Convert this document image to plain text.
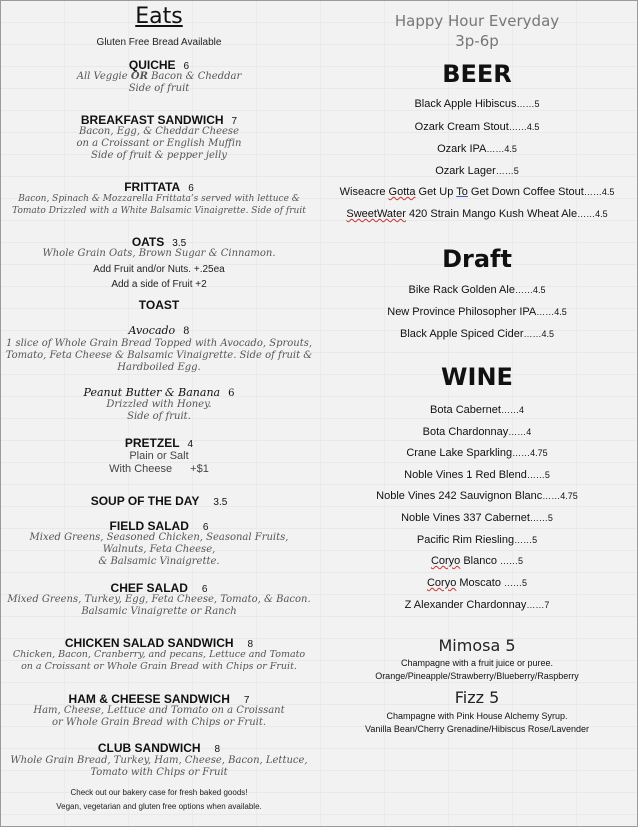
Eats
Gluten Free Bread Available
QUICHE 6
All Veggie OR Bacon & Cheddar
Side of fruit
BREAKFAST SANDWICH 7
Bacon, Egg, & Cheddar Cheese
on a Croissant or English Muffin
Side of fruit & pepper jelly
FRITTATA 6
Bacon, Spinach & Mozzarella Frittata’s served with lettuce &
Tomato Drizzled with a White Balsamic Vinaigrette. Side of fruit
OATS 3.5
Whole Grain Oats, Brown Sugar & Cinnamon.
Add Fruit and/or Nuts. +.25ea
Add a side of Fruit +2
TOAST
Avocado 8
1 slice of Whole Grain Bread Topped with Avocado, Sprouts,
Tomato, Feta Cheese & Balsamic Vinaigrette. Side of fruit &
Hardboiled Egg.
Peanut Butter & Banana 6
Drizzled with Honey.
Side of fruit.
PRETZEL 4
Plain or Salt
With Cheese +$1
SOUP OF THE DAY 3.5
FIELD SALAD 6
Mixed Greens, Seasoned Chicken, Seasonal Fruits,
Walnuts, Feta Cheese,
& Balsamic Vinaigrette.
CHEF SALAD 6
Mixed Greens, Turkey, Egg, Feta Cheese, Tomato, & Bacon.
Balsamic Vinaigrette or Ranch
CHICKEN SALAD SANDWICH 8
Chicken, Bacon, Cranberry, and pecans, Lettuce and Tomato
on a Croissant or Whole Grain Bread with Chips or Fruit.
HAM & CHEESE SANDWICH 7
Ham, Cheese, Lettuce and Tomato on a Croissant
or Whole Grain Bread with Chips or Fruit.
CLUB SANDWICH 8
Whole Grain Bread, Turkey, Ham, Cheese, Bacon, Lettuce,
Tomato with Chips or Fruit
Check out our bakery case for fresh baked goods!
Vegan, vegetarian and gluten free options when available.
Happy Hour Everyday
3p-6p
BEER
Black Apple Hibiscus……5
Ozark Cream Stout……4.5
Ozark IPA……4.5
Ozark Lager……5
Wiseacre Gotta Get Up To Get Down Coffee Stout……4.5
SweetWater 420 Strain Mango Kush Wheat Ale……4.5
Draft
Bike Rack Golden Ale……4.5
New Province Philosopher IPA……4.5
Black Apple Spiced Cider……4.5
WINE
Bota Cabernet……4
Bota Chardonnay……4
Crane Lake Sparkling……4.75
Noble Vines 1 Red Blend……5
Noble Vines 242 Sauvignon Blanc……4.75
Noble Vines 337 Cabernet……5
Pacific Rim Riesling……5
Coryo Blanco ……5
Coryo Moscato ……5
Z Alexander Chardonnay……7
Mimosa 5
Champagne with a fruit juice or puree.
Orange/Pineapple/Strawberry/Blueberry/Raspberry
Fizz 5
Champagne with Pink House Alchemy Syrup.
Vanilla Bean/Cherry Grenadine/Hibiscus Rose/Lavender
